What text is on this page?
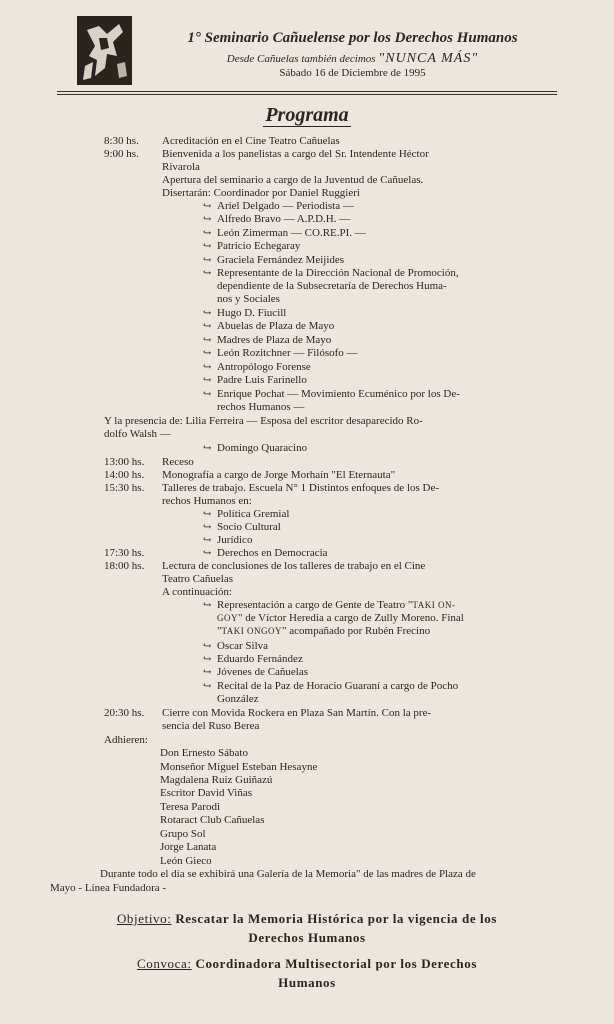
1° Seminario Cañuelense por los Derechos Humanos
Desde Cañuelas también decimos "NUNCA MÁS"
Sábado 16 de Diciembre de 1995
Programa
8:30 hs. Acreditación en el Cine Teatro Cañuelas
9:00 hs. Bienvenida a los panelistas a cargo del Sr. Intendente Héctor
Rivarola
Apertura del seminario a cargo de la Juventud de Cañuelas.
Disertarán: Coordinador por Daniel Ruggieri
↪ Ariel Delgado — Periodista —
↪ Alfredo Bravo — A.P.D.H. —
↪ León Zimerman — CO.RE.PI. —
↪ Patricio Echegaray
↪ Graciela Fernández Meijides
↪ Representante de la Dirección Nacional de Promoción,
dependiente de la Subsecretaría de Derechos Huma-
nos y Sociales
↪ Hugo D. Fiucill
↪ Abuelas de Plaza de Mayo
↪ Madres de Plaza de Mayo
↪ León Rozitchner — Filósofo —
↪ Antropólogo Forense
↪ Padre Luis Farinello
↪ Enrique Pochat — Movimiento Ecuménico por los De-
rechos Humanos —
Y la presencia de: Lilia Ferreira — Esposa del escritor desaparecido Ro-
dolfo Walsh —
↪ Domingo Quaracino
13:00 hs. Receso
14:00 hs. Monografía a cargo de Jorge Morhaín "El Eternauta"
15:30 hs. Talleres de trabajo. Escuela N° 1 Distintos enfoques de los De-
rechos Humanos en:
↪ Política Gremial
↪ Socio Cultural
↪ Jurídico
17:30 hs.	↪ Derechos en Democracia
18:00 hs. Lectura de conclusiones de los talleres de trabajo en el Cine
Teatro Cañuelas
A continuación:
↪ Representación a cargo de Gente de Teatro "TAKI ON-
GOY" de Víctor Heredia a cargo de Zully Moreno. Final
"TAKI ONGOY" acompañado por Rubén Frecino
↪ Oscar Silva
↪ Eduardo Fernández
↪ Jóvenes de Cañuelas
↪ Recital de la Paz de Horacio Guaraní a cargo de Pocho
González
20:30 hs. Cierre con Movida Rockera en Plaza San Martín. Con la pre-
sencia del Ruso Berea
Adhieren:
Don Ernesto Sábato
Monseñor Miguel Esteban Hesayne
Magdalena Ruiz Guiñazú
Escritor David Viñas
Teresa Parodi
Rotaract Club Cañuelas
Grupo Sol
Jorge Lanata
León Gieco
Durante todo el día se exhibirá una Galería de la Memoria" de las madres de Plaza de
Mayo - Línea Fundadora -
Objetivo: Rescatar la Memoria Histórica por la vigencia de los
Derechos Humanos
Convoca: Coordinadora Multisectorial por los Derechos
Humanos
